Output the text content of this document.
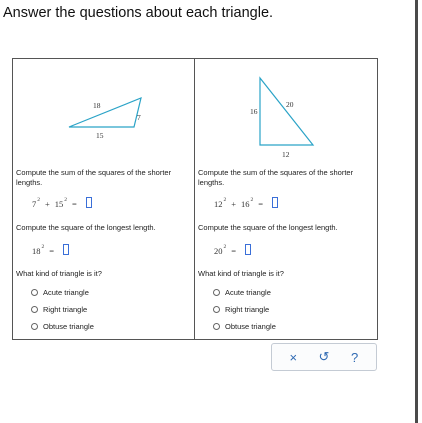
Answer the questions about each triangle.
18
7
15
Compute the sum of the squares of the shorter lengths.
$7^2 + 15^2$ =
Compute the square of the longest length.
$18^2$ =
What kind of triangle is it?
Acute triangle
Right triangle
Obtuse triangle
16
20
12
Compute the sum of the squares of the shorter lengths.
$12^2 + 16^2$ =
Compute the square of the longest length.
$20^2$ =
What kind of triangle is it?
Acute triangle
Right triangle
Obtuse triangle
×	↺	?
